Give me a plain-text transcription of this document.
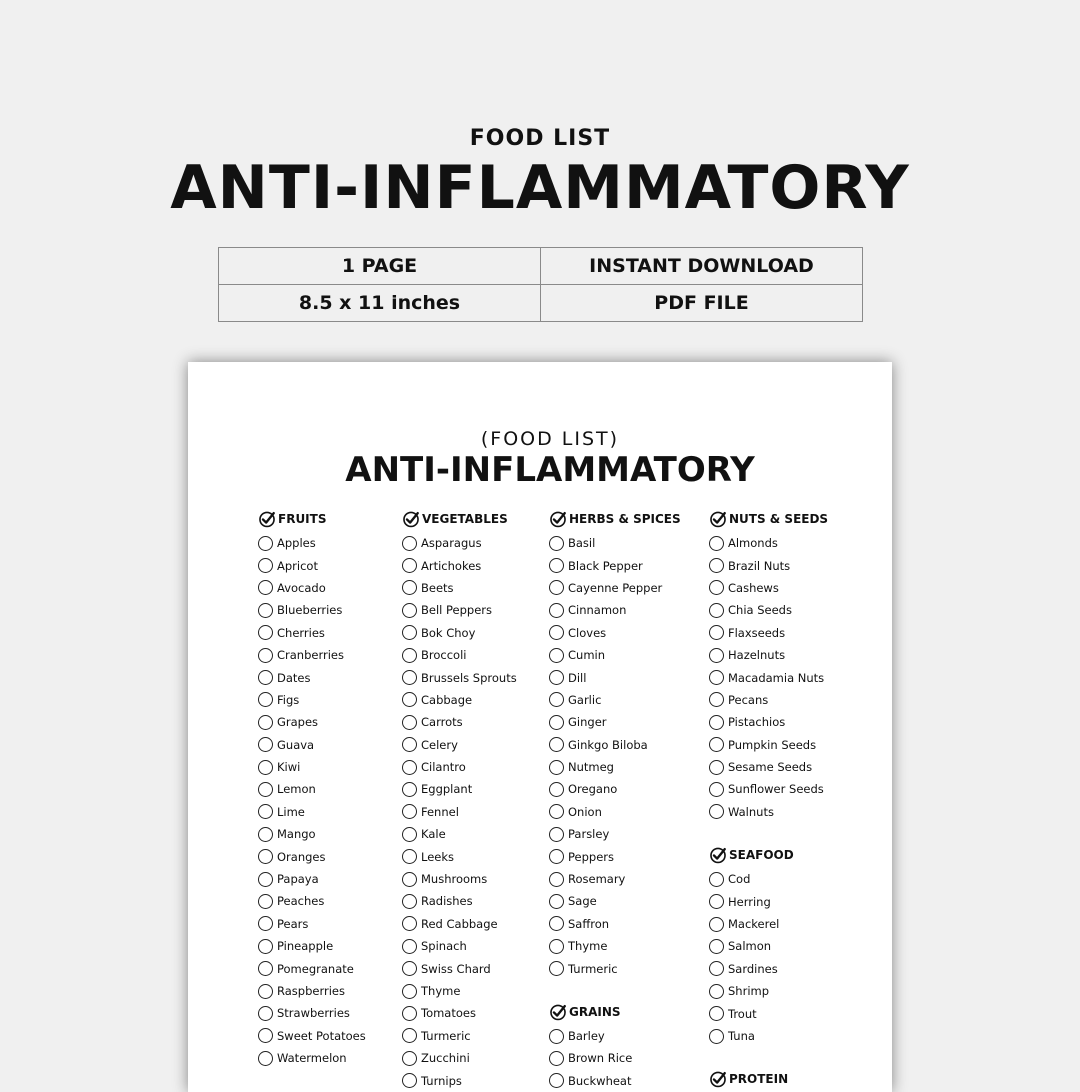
FOOD LIST
ANTI-INFLAMMATORY
1 PAGE	INSTANT DOWNLOAD
8.5 x 11 inches	PDF FILE
(FOOD LIST)
ANTI-INFLAMMATORY
FRUITS
Apples
Apricot
Avocado
Blueberries
Cherries
Cranberries
Dates
Figs
Grapes
Guava
Kiwi
Lemon
Lime
Mango
Oranges
Papaya
Peaches
Pears
Pineapple
Pomegranate
Raspberries
Strawberries
Sweet Potatoes
Watermelon
VEGETABLES
Asparagus
Artichokes
Beets
Bell Peppers
Bok Choy
Broccoli
Brussels Sprouts
Cabbage
Carrots
Celery
Cilantro
Eggplant
Fennel
Kale
Leeks
Mushrooms
Radishes
Red Cabbage
Spinach
Swiss Chard
Thyme
Tomatoes
Turmeric
Zucchini
Turnips
HERBS & SPICES
Basil
Black Pepper
Cayenne Pepper
Cinnamon
Cloves
Cumin
Dill
Garlic
Ginger
Ginkgo Biloba
Nutmeg
Oregano
Onion
Parsley
Peppers
Rosemary
Sage
Saffron
Thyme
Turmeric
GRAINS
Barley
Brown Rice
Buckwheat
NUTS & SEEDS
Almonds
Brazil Nuts
Cashews
Chia Seeds
Flaxseeds
Hazelnuts
Macadamia Nuts
Pecans
Pistachios
Pumpkin Seeds
Sesame Seeds
Sunflower Seeds
Walnuts
SEAFOOD
Cod
Herring
Mackerel
Salmon
Sardines
Shrimp
Trout
Tuna
PROTEIN
